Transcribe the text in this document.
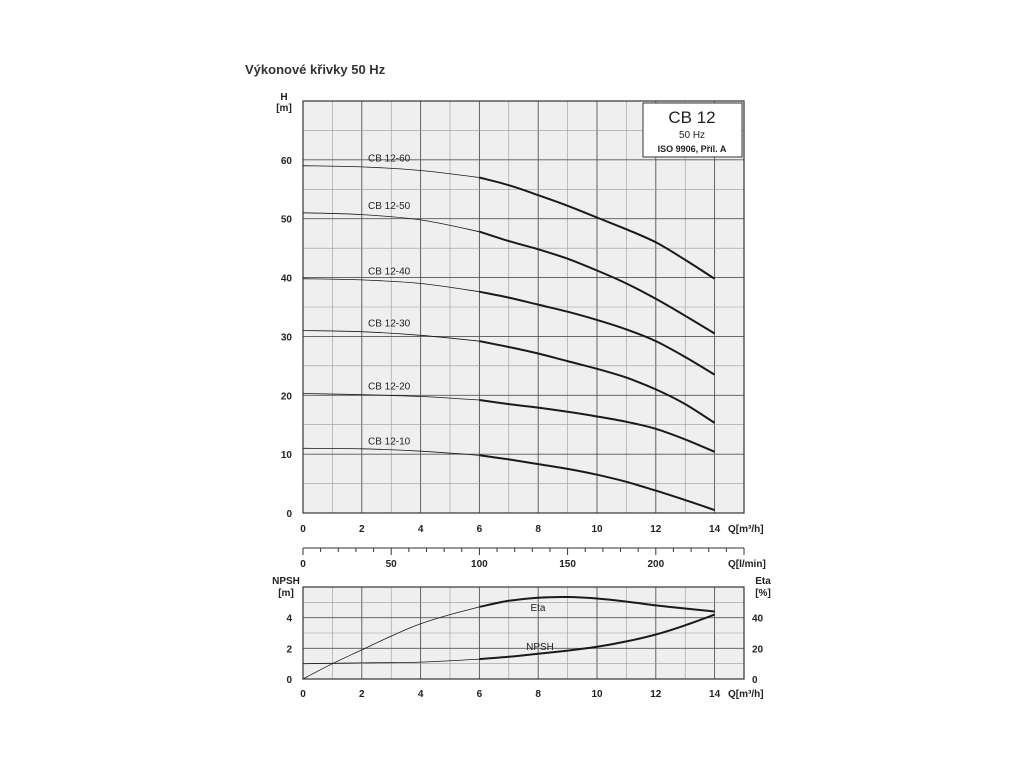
Výkonové křivky 50 Hz
CB 12
50 Hz
ISO 9906, Příl. A
0	2	4	6	8	10	12	14
0
10
20
30
40
50
60
H
[m]
Q[m³/h]
CB 12-60
CB 12-50
CB 12-40
CB 12-30
CB 12-20
CB 12-10
0	50	100	150	200	Q[l/min]
0	2	4	6	8	10	12	14
0
2
4
0
20
40
NPSH
[m]
Eta
[%]
Q[m³/h]
Eta
NPSH
